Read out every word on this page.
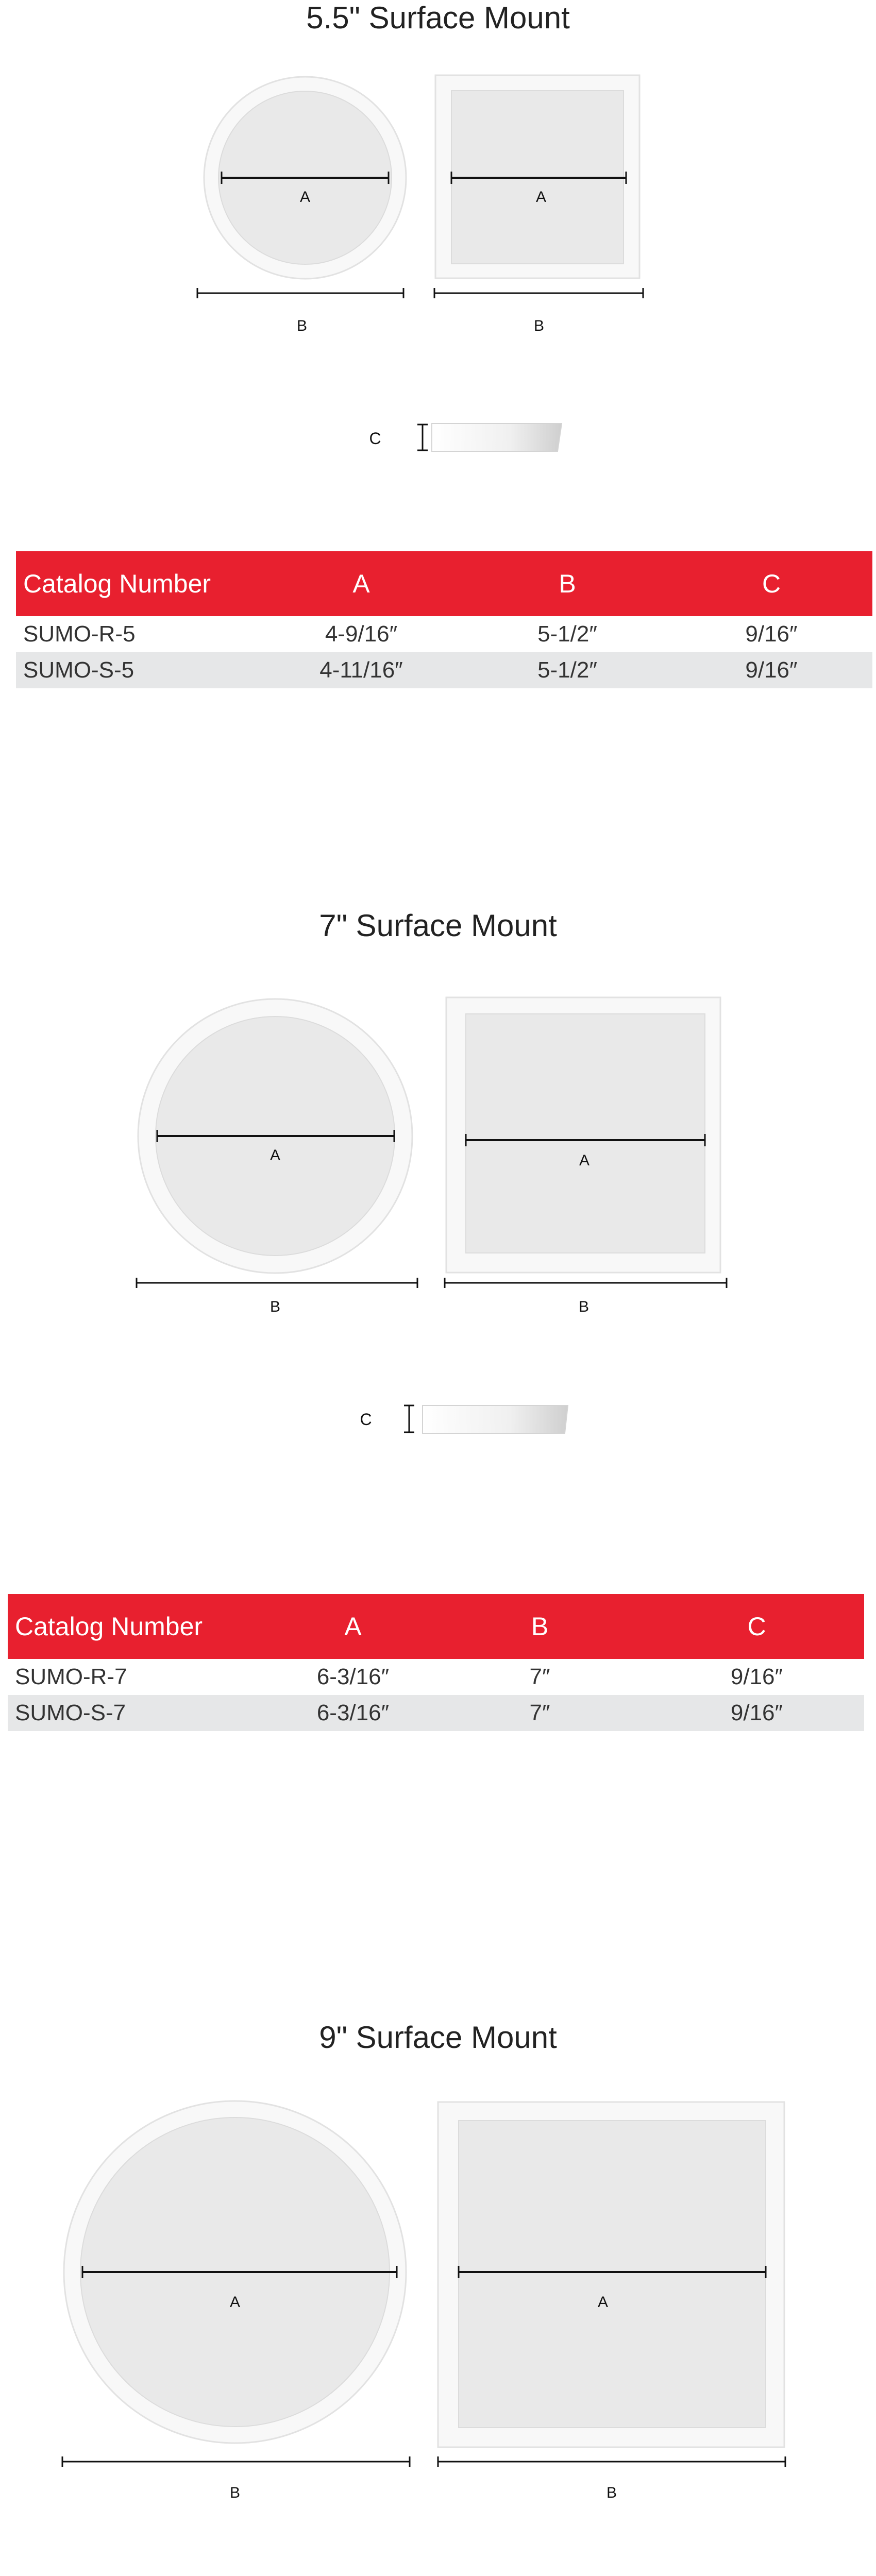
5.5" Surface Mount
A	A
B	B
C
Catalog Number	A	B	C
SUMO-R-5	4-9/16″	5-1/2″	9/16″
SUMO-S-5	4-11/16″	5-1/2″	9/16″
7" Surface Mount
A	A
B	B
C
Catalog Number	A	B	C
SUMO-R-7	6-3/16″	7″	9/16″
SUMO-S-7	6-3/16″	7″	9/16″
9" Surface Mount
A	A
B	B
